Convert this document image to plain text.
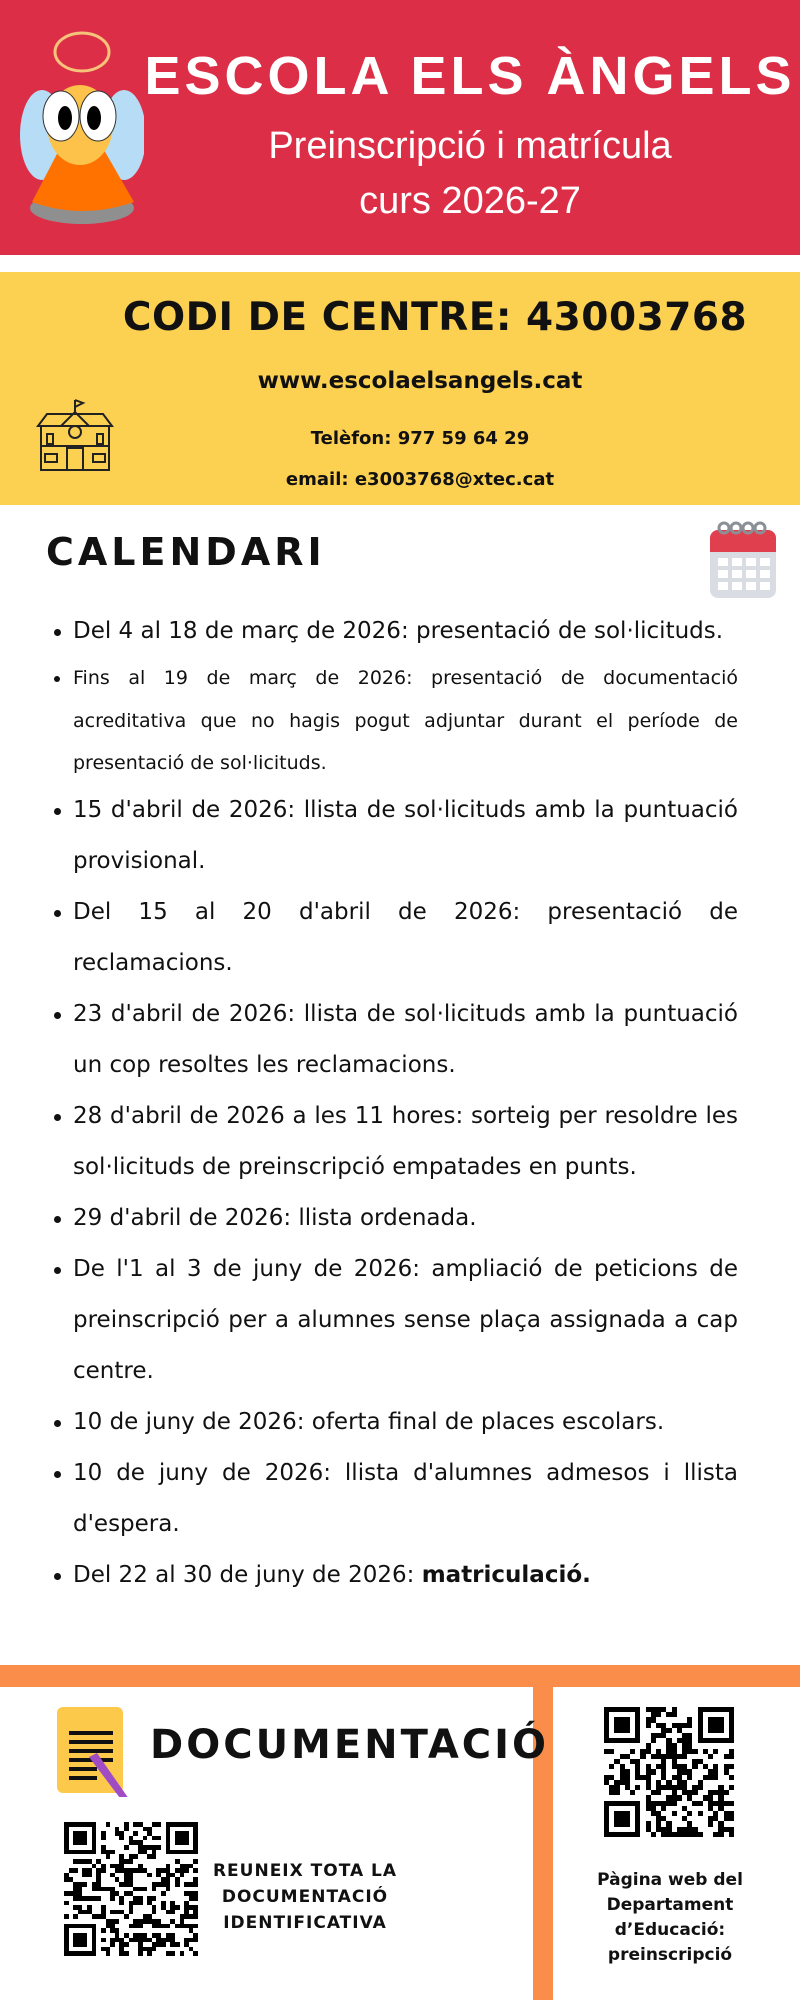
ESCOLA ELS ÀNGELS
Preinscripció i matrícula
curs 2026-27
CODI DE CENTRE: 43003768
www.escolaelsangels.cat
Telèfon: 977 59 64 29
email: e3003768@xtec.cat
CALENDARI
Del 4 al 18 de març de 2026: presentació de sol·licituds.
Fins al 19 de març de 2026: presentació de documentació acreditativa que no hagis pogut adjuntar durant el període de presentació de sol·licituds.
15 d'abril de 2026: llista de sol·licituds amb la puntuació provisional.
Del 15 al 20 d'abril de 2026: presentació de reclamacions.
23 d'abril de 2026: llista de sol·licituds amb la puntuació un cop resoltes les reclamacions.
28 d'abril de 2026 a les 11 hores: sorteig per resoldre les sol·licituds de preinscripció empatades en punts.
29 d'abril de 2026: llista ordenada.
De l'1 al 3 de juny de 2026: ampliació de peticions de preinscripció per a alumnes sense plaça assignada a cap centre.
10 de juny de 2026: oferta final de places escolars.
10 de juny de 2026: llista d'alumnes admesos i llista d'espera.
Del 22 al 30 de juny de 2026: matriculació.
DOCUMENTACIÓ
REUNEIX TOTA LA
DOCUMENTACIÓ
IDENTIFICATIVA
Pàgina web del
Departament
d’Educació:
preinscripció
